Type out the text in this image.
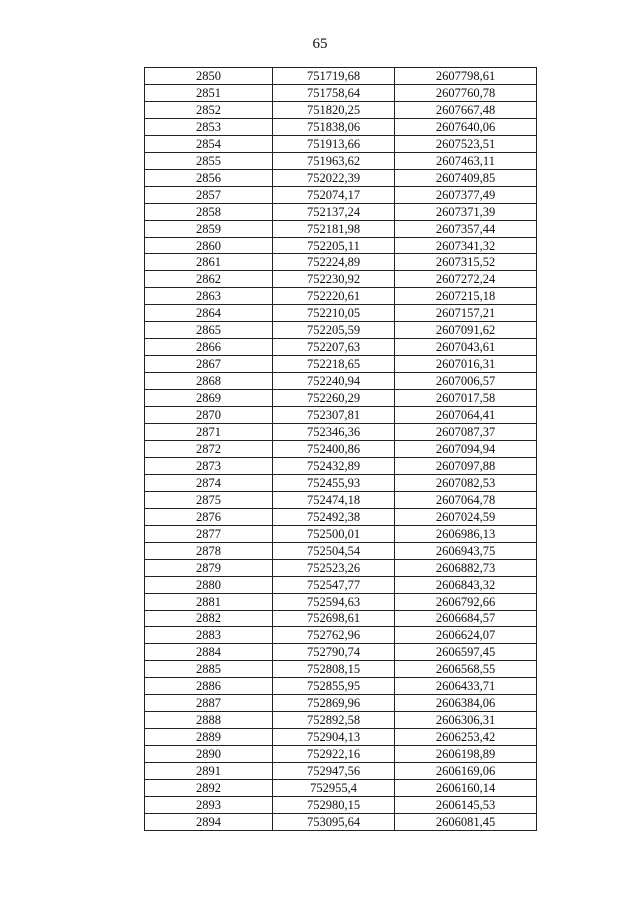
65
2850	751719,68	2607798,61
2851	751758,64	2607760,78
2852	751820,25	2607667,48
2853	751838,06	2607640,06
2854	751913,66	2607523,51
2855	751963,62	2607463,11
2856	752022,39	2607409,85
2857	752074,17	2607377,49
2858	752137,24	2607371,39
2859	752181,98	2607357,44
2860	752205,11	2607341,32
2861	752224,89	2607315,52
2862	752230,92	2607272,24
2863	752220,61	2607215,18
2864	752210,05	2607157,21
2865	752205,59	2607091,62
2866	752207,63	2607043,61
2867	752218,65	2607016,31
2868	752240,94	2607006,57
2869	752260,29	2607017,58
2870	752307,81	2607064,41
2871	752346,36	2607087,37
2872	752400,86	2607094,94
2873	752432,89	2607097,88
2874	752455,93	2607082,53
2875	752474,18	2607064,78
2876	752492,38	2607024,59
2877	752500,01	2606986,13
2878	752504,54	2606943,75
2879	752523,26	2606882,73
2880	752547,77	2606843,32
2881	752594,63	2606792,66
2882	752698,61	2606684,57
2883	752762,96	2606624,07
2884	752790,74	2606597,45
2885	752808,15	2606568,55
2886	752855,95	2606433,71
2887	752869,96	2606384,06
2888	752892,58	2606306,31
2889	752904,13	2606253,42
2890	752922,16	2606198,89
2891	752947,56	2606169,06
2892	752955,4	2606160,14
2893	752980,15	2606145,53
2894	753095,64	2606081,45
